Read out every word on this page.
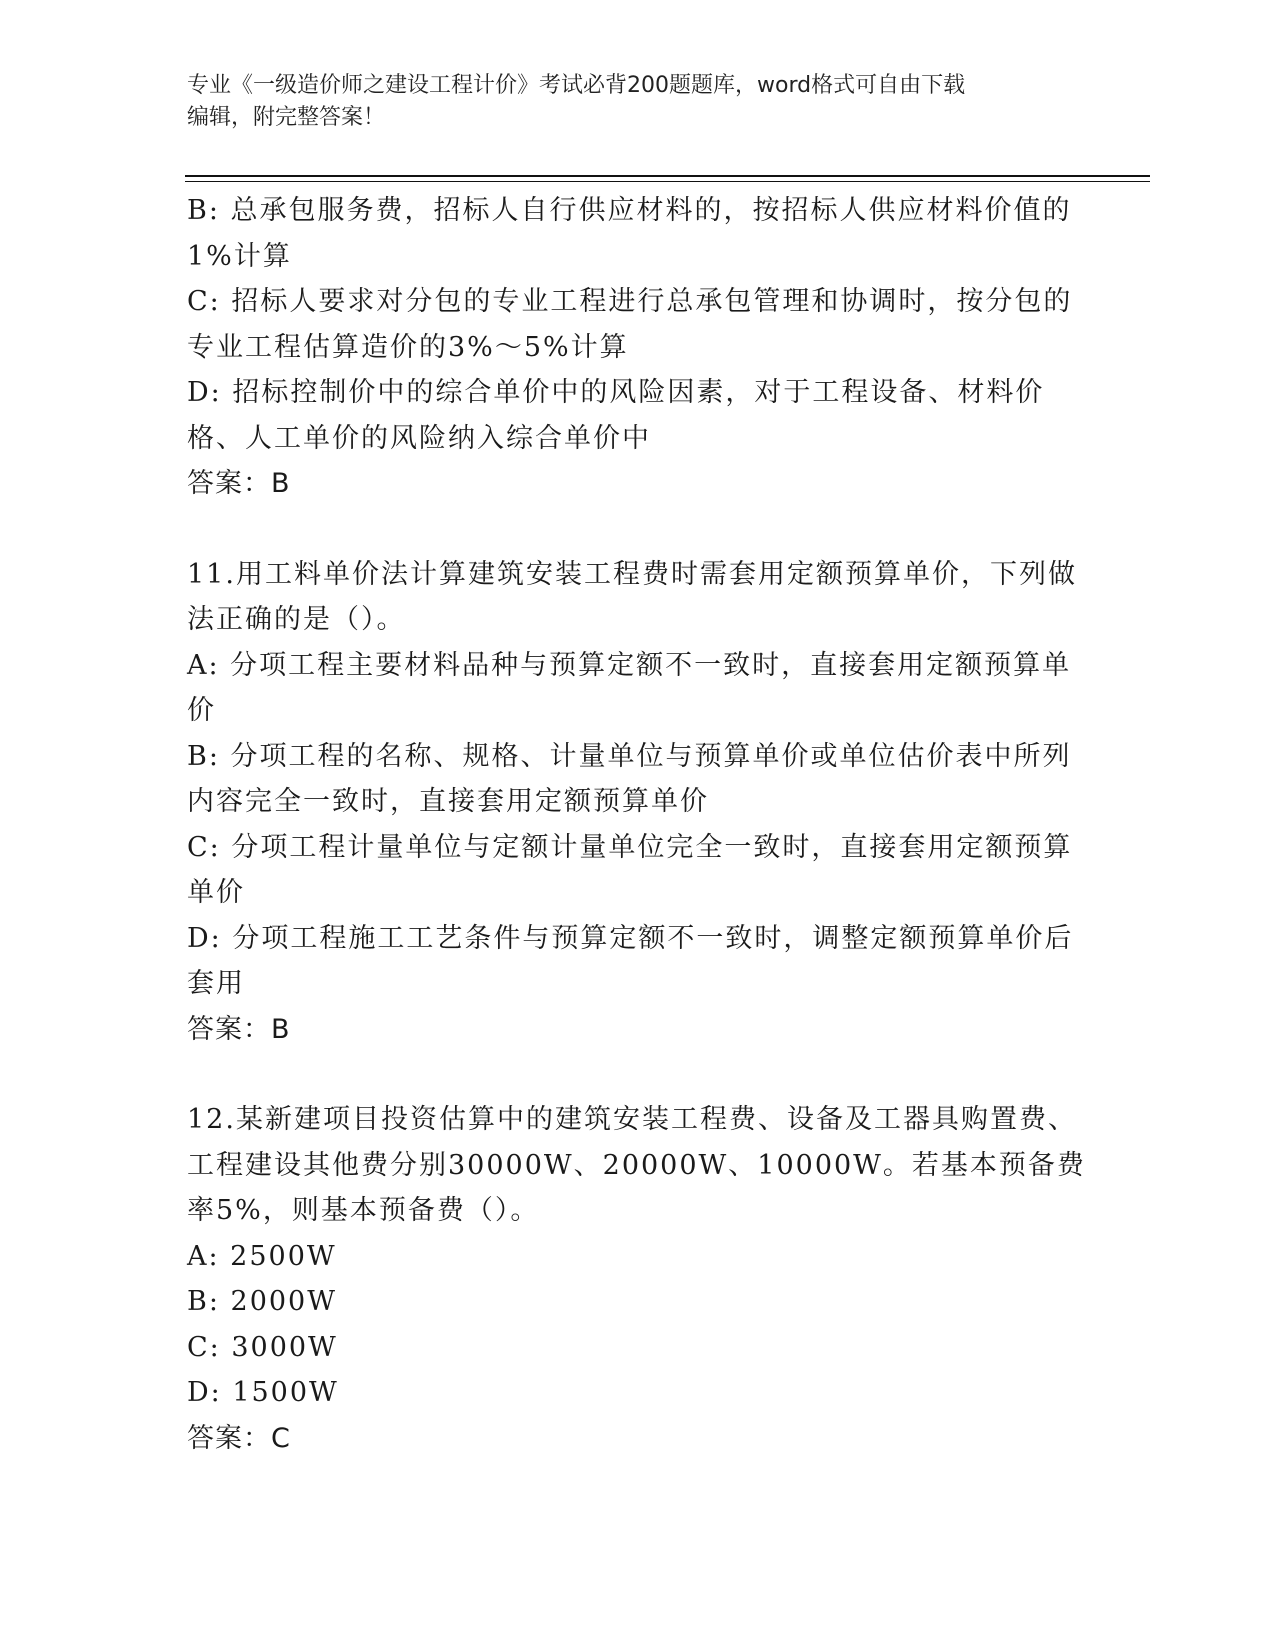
专业《一级造价师之建设工程计价》考试必背200题题库，word格式可自由下载
编辑，附完整答案！

B: 总承包服务费，招标人自行供应材料的，按招标人供应材料价值的1%计算

C: 招标人要求对分包的专业工程进行总承包管理和协调时，按分包的专业工程估算造价的3%～5%计算

D: 招标控制价中的综合单价中的风险因素，对于工程设备、材料价格、人工单价的风险纳入综合单价中

答案：B

11.用工料单价法计算建筑安装工程费时需套用定额预算单价，下列做法正确的是（）。

A: 分项工程主要材料品种与预算定额不一致时，直接套用定额预算单价

B: 分项工程的名称、规格、计量单位与预算单价或单位估价表中所列内容完全一致时，直接套用定额预算单价

C: 分项工程计量单位与定额计量单位完全一致时，直接套用定额预算单价

D: 分项工程施工工艺条件与预算定额不一致时，调整定额预算单价后套用

答案：B

12.某新建项目投资估算中的建筑安装工程费、设备及工器具购置费、工程建设其他费分别30000W、20000W、10000W。若基本预备费率5%，则基本预备费（）。

A: 2500W

B: 2000W

C: 3000W

D: 1500W

答案：C
